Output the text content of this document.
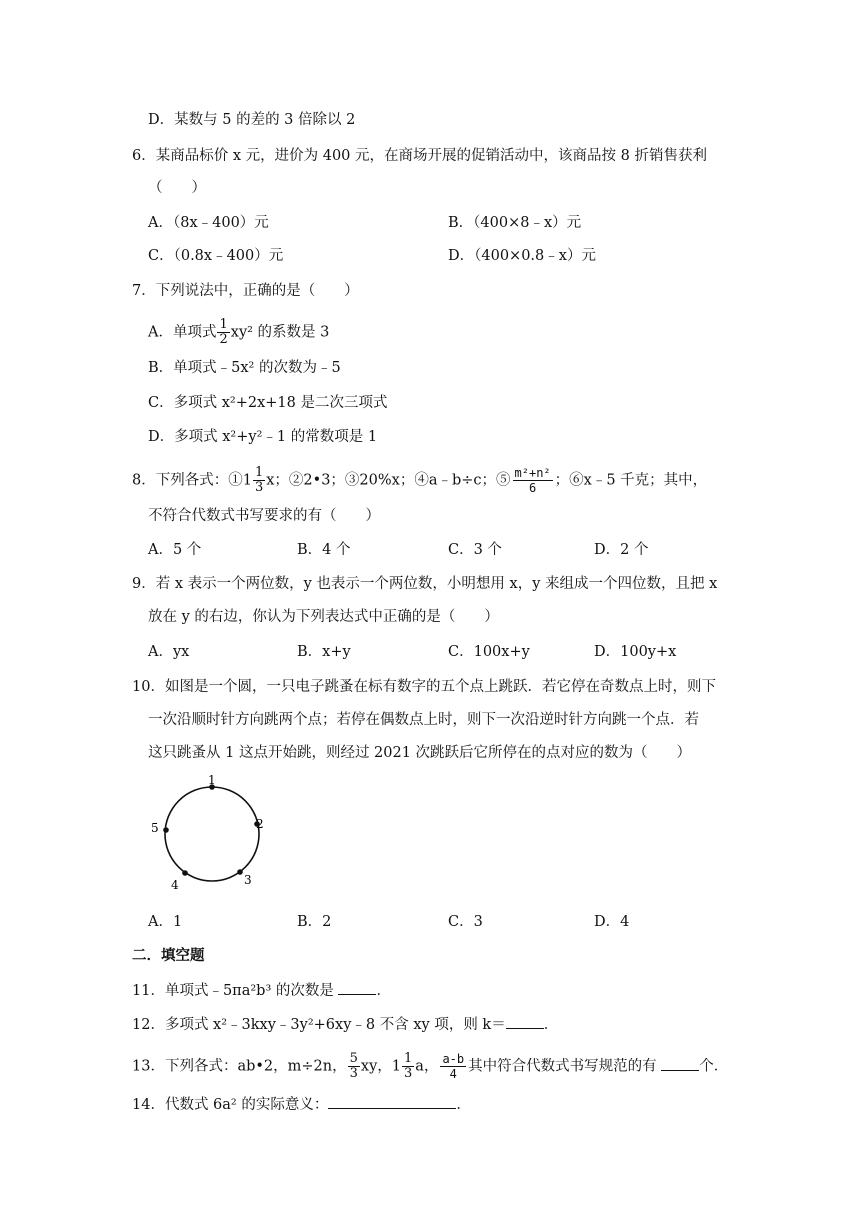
D．某数与 5 的差的 3 倍除以 2
6．某商品标价 x 元，进价为 400 元，在商场开展的促销活动中，该商品按 8 折销售获利
（　　）
A．（8x﹣400）元	B．（400×8﹣x）元
C．（0.8x﹣400）元	D．（400×0.8﹣x）元
7．下列说法中，正确的是（　　）
A．单项式 $\frac{1}{2} xy^2$ 的系数是 3
B．单项式﹣5x² 的次数为﹣5
C．多项式 x²+2x+18 是二次三项式
D．多项式 x²+y²﹣1 的常数项是 1
8．下列各式：①1 $\frac{1}{3}$ x；②2•3；③20%x；④a﹣b÷c；⑤ $\frac{\text{m²+n²}}{6}$ ；⑥x﹣5 千克；其中，
不符合代数式书写要求的有（　　）
A．5 个	B．4 个	C．3 个	D．2 个
9．若 x 表示一个两位数，y 也表示一个两位数，小明想用 x，y 来组成一个四位数，且把 x
放在 y 的右边，你认为下列表达式中正确的是（　　）
A．yx	B．x+y	C．100x+y	D．100y+x
10．如图是一个圆，一只电子跳蚤在标有数字的五个点上跳跃．若它停在奇数点上时，则下
一次沿顺时针方向跳两个点；若停在偶数点上时，则下一次沿逆时针方向跳一个点．若
这只跳蚤从 1 这点开始跳，则经过 2021 次跳跃后它所停在的点对应的数为（　　）
1
2
3
4
5
A．1	B．2	C．3	D．4
二．填空题
11．单项式﹣5πa²b³ 的次数是	．
12．多项式 x²﹣3kxy﹣3y²+6xy﹣8 不含 xy 项，则 k＝	．
13．下列各式：ab•2，m÷2n， $\frac{5}{3}$ xy，$1 \frac{1}{3}$ a， $\frac{a-b}{4}$ 其中符合代数式书写规范的有	个．
14．代数式 6a² 的实际意义：	．
